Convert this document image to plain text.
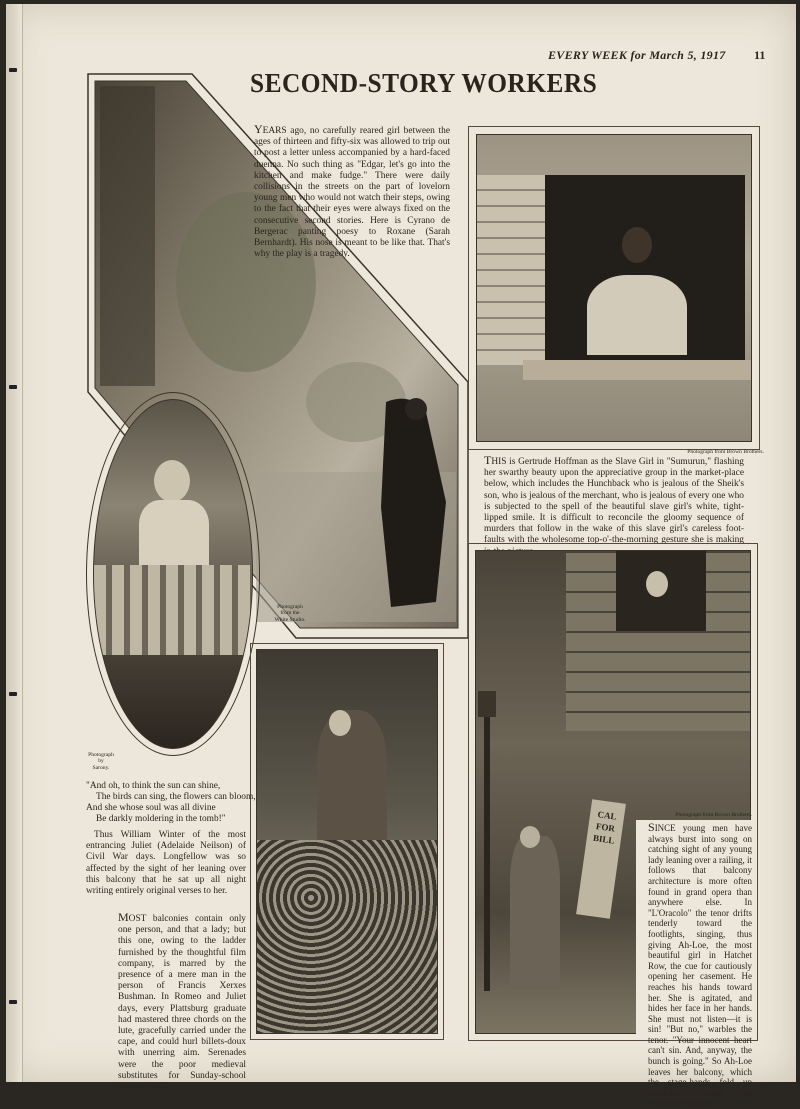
EVERY WEEK for March 5, 1917 11
SECOND-STORY WORKERS
Photograph
from the
White Studio.
YEARS ago, no carefully reared girl between the ages of thirteen and fifty-six was allowed to trip out to post a letter unless accompanied by a hard-faced duenna. No such thing as "Edgar, let's go into the kitchen and make fudge." There were daily collisions in the streets on the part of lovelorn young men who would not watch their steps, owing to the fact that their eyes were always fixed on the consecutive second stories. Here is Cyrano de Bergerac panting poesy to Roxane (Sarah Bernhardt). His nose is meant to be like that. That's why the play is a tragedy.
Photograph from Brown Brothers.
THIS is Gertrude Hoffman as the Slave Girl in "Sumurun," flashing her swarthy beauty upon the appreciative group in the market-place below, which includes the Hunchback who is jealous of the Sheik's son, who is jealous of the merchant, who is jealous of every one who is subjected to the spell of the beautiful slave girl's white, tight-lipped smile. It is difficult to reconcile the gloomy sequence of murders that follow in the wake of this slave girl's careless foot-faults with the wholesome top-o'-the-morning gesture she is making
Photograph
by
Sarony.
"And oh, to think the sun can shine,
The birds can sing, the flowers can bloom,
And she whose soul was all divine
Be darkly moldering in the tomb!"
Thus William Winter of the most entrancing Juliet (Adelaide Neilson) of Civil War days. Longfellow was so affected by the sight of her leaning over this balcony that he sat up all night writing entirely original verses to her.
MOST balconies contain only one person, and that a lady; but this one, owing to the ladder furnished by the thoughtful film company, is marred by the presence of a mere man in the person of Francis Xerxes Bushman. In Romeo and Juliet days, every Plattsburg graduate had mastered three chords on the lute, gracefully carried under the cape, and could hurl billets-doux with unerring aim. Serenades were the poor medieval substitutes for Sunday-school picnics. Metro.
CAL FOR BILL
Photograph from Brown Brothers.
SINCE young men have always burst into song on catching sight of any young lady leaning over a railing, it follows that balcony architecture is more often found in grand opera than anywhere else. In "L'Oracolo" the tenor drifts tenderly toward the footlights, singing, thus giving Ah-Loe, the most beautiful girl in Hatchet Row, the cue for cautiously opening her casement. He reaches his hands toward her. She is agitated, and hides her face in her hands. She must not listen—it is sin! "But no," warbles the tenor. "Your innocent heart can't sin. And, anyway, the bunch is going." So Ah-Loe leaves her balcony, which the stage-hands fold up carefully behind the Florentine sunset.
